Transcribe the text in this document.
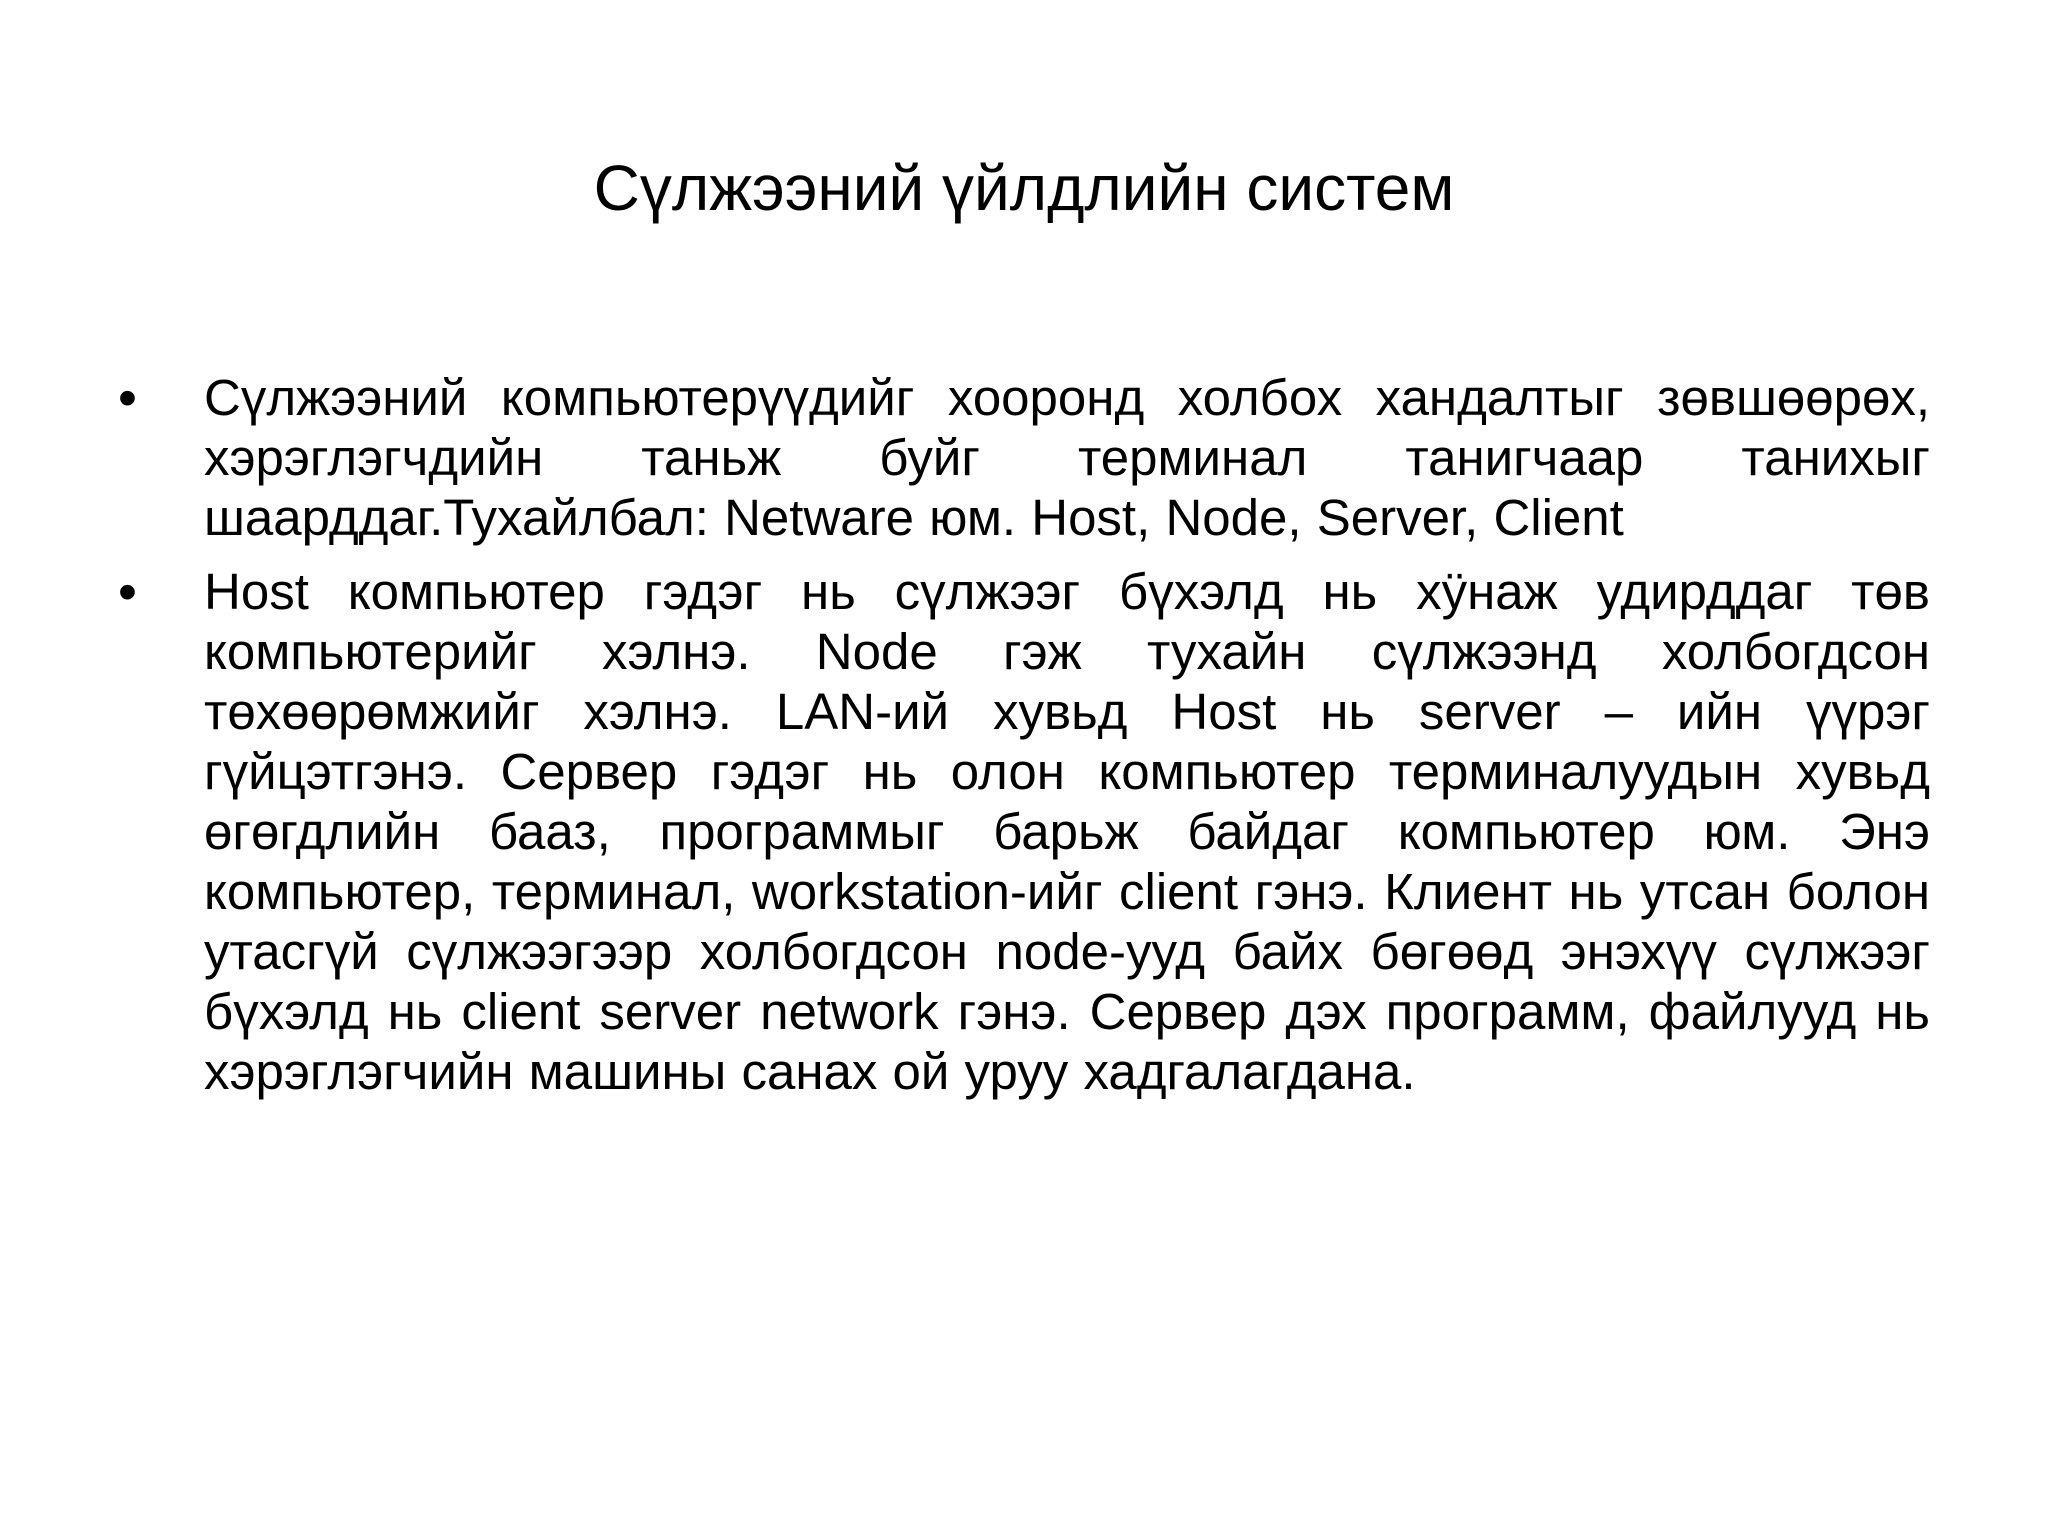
Сүлжээний үйлдлийн систем
• Сүлжээний компьютерүүдийг хооронд холбох хандалтыг зөвшөөрөх, хэрэглэгчдийн таньж буйг терминал танигчаар танихыг шаарддаг.Тухайлбал: Netware юм. Host, Node, Server, Client
• Host компьютер гэдэг нь сүлжээг бүхэлд нь хӱнаж удирддаг төв компьютерийг хэлнэ. Node гэж тухайн сүлжээнд холбогдсон төхөөрөмжийг хэлнэ. LAN-ий хувьд Host нь server – ийн үүрэг гүйцэтгэнэ. Сервер гэдэг нь олон компьютер терминалуудын хувьд өгөгдлийн бааз, программыг барьж байдаг компьютер юм. Энэ компьютер, терминал, workstation-ийг client гэнэ. Клиент нь утсан болон утасгүй сүлжээгээр холбогдсон node-ууд байх бөгөөд энэхүү сүлжээг бүхэлд нь client server network гэнэ. Сервер дэх программ, файлууд нь хэрэглэгчийн машины санах ой уруу хадгалагдана.
